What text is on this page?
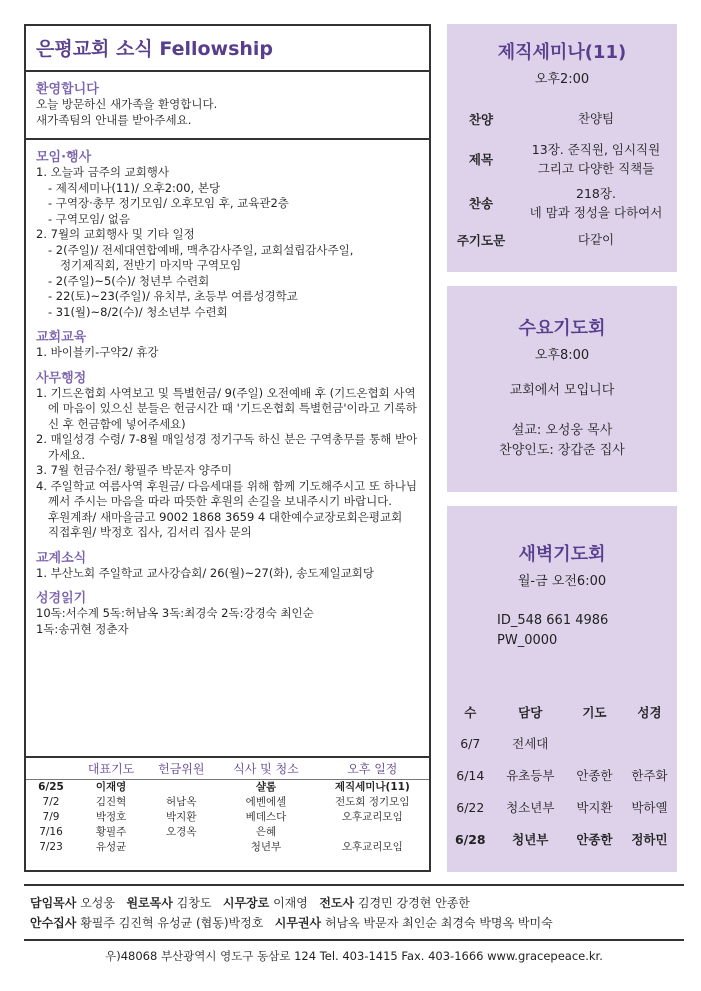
은평교회 소식 Fellowship
환영합니다
오늘 방문하신 새가족을 환영합니다.
새가족팀의 안내를 받아주세요.
모임·행사
1. 오늘과 금주의 교회행사
- 제직세미나(11)/ 오후2:00, 본당
- 구역장·총무 정기모임/ 오후모임 후, 교육관2층
- 구역모임/ 없음
2. 7월의 교회행사 및 기타 일정
- 2(주일)/ 전세대연합예배, 맥추감사주일, 교회설립감사주일,
정기제직회, 전반기 마지막 구역모임
- 2(주일)~5(수)/ 청년부 수련회
- 22(토)~23(주일)/ 유치부, 초등부 여름성경학교
- 31(월)~8/2(수)/ 청소년부 수련회
교회교육
1. 바이블키-구약2/ 휴강
사무행정
1. 기드온협회 사역보고 및 특별헌금/ 9(주일) 오전예배 후 (기드온협회 사역에 마음이 있으신 분들은 헌금시간 때 '기드온협회 특별헌금'이라고 기록하신 후 헌금함에 넣어주세요)
2. 매일성경 수령/ 7-8월 매일성경 정기구독 하신 분은 구역총무를 통해 받아가세요.
3. 7월 헌금수전/ 황필주 박문자 양주미
4. 주일학교 여름사역 후원금/ 다음세대를 위해 함께 기도해주시고 또 하나님께서 주시는 마음을 따라 따뜻한 후원의 손길을 보내주시기 바랍니다.
후원계좌/ 새마을금고 9002 1868 3659 4 대한예수교장로회은평교회
직접후원/ 박정호 집사, 김서리 집사 문의
교계소식
1. 부산노회 주일학교 교사강습회/ 26(월)~27(화), 송도제일교회당
성경읽기
10독:서수계 5독:허남옥 3독:최경숙 2독:강경숙 최인순
1독:송귀현 정춘자
	대표기도	헌금위원	식사 및 청소	오후 일정
6/25	이재영		샬롬	제직세미나(11)
7/2	김진혁	허남옥	에벤에셀	전도회 정기모임
7/9	박정호	박지환	베데스다	오후교리모임
7/16	황필주	오경옥	은혜	
7/23	유성균		청년부	오후교리모임
제직세미나(11)
오후2:00
찬양	찬양팀
제목
13장. 준직원, 임시직원
그리고 다양한 직책들
찬송
218장.
네 맘과 정성을 다하여서
주기도문	다같이
수요기도회
오후8:00
교회에서 모입니다
설교: 오성웅 목사
찬양인도: 장갑준 집사
새벽기도회
월-금 오전6:00
ID_548 661 4986
PW_0000
수	담당	기도	성경
6/7	전세대		
6/14	유초등부	안종한	한주화
6/22	청소년부	박지환	박하옐
6/28	청년부	안종한	정하민
담임목사 오성웅 원로목사 김창도 시무장로 이재영 전도사 김경민 강경현 안종한
안수집사 황필주 김진혁 유성균 (협동)박정호 시무권사 허남옥 박문자 최인순 최경숙 박명옥 박미숙
우)48068 부산광역시 영도구 동삼로 124 Tel. 403-1415 Fax. 403-1666 www.gracepeace.kr.
